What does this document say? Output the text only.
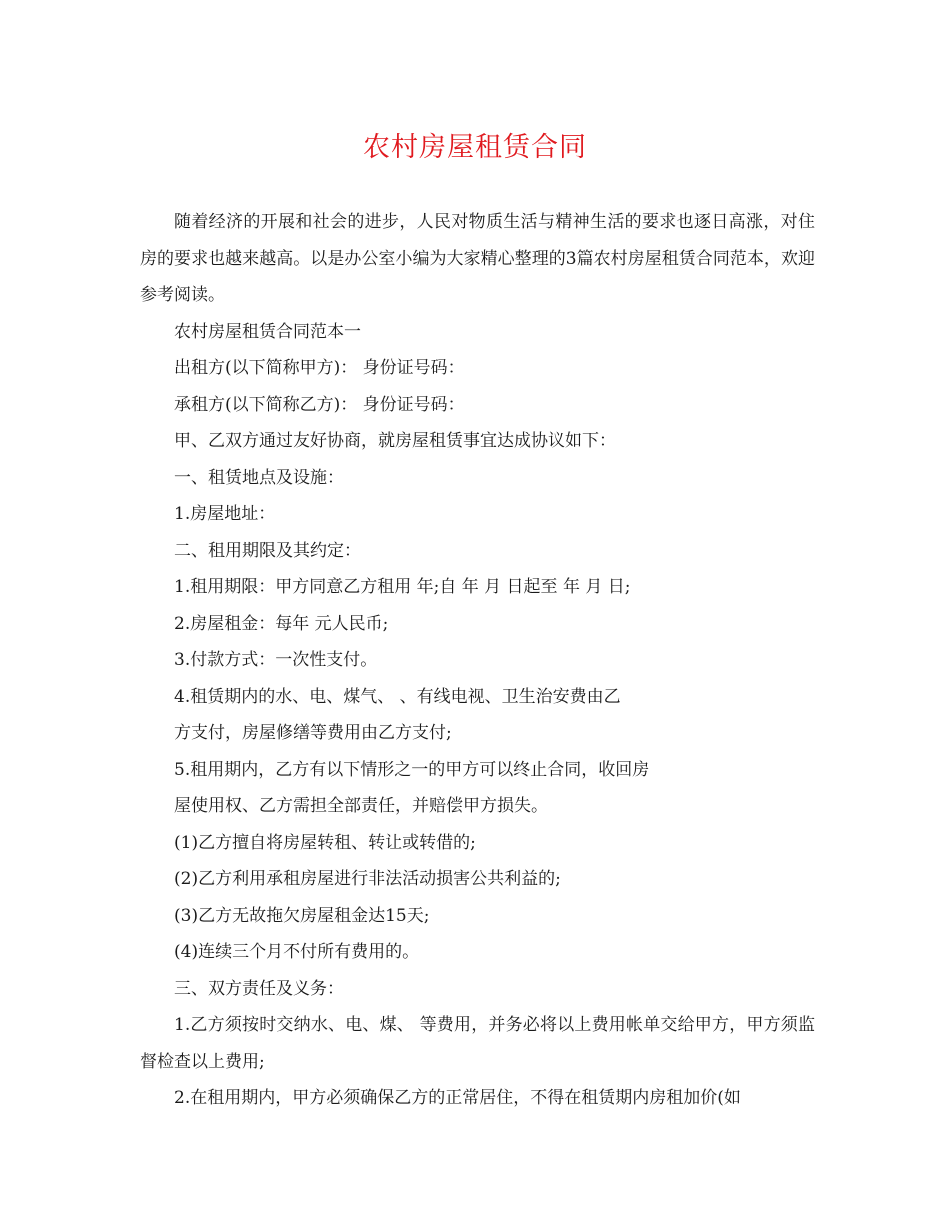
农村房屋租赁合同

随着经济的开展和社会的进步，人民对物质生活与精神生活的要求也逐日高涨，对住房的要求也越来越高。以是办公室小编为大家精心整理的3篇农村房屋租赁合同范本，欢迎参考阅读。

农村房屋租赁合同范本一

出租方(以下简称甲方)： 身份证号码：

承租方(以下简称乙方)： 身份证号码：

甲、乙双方通过友好协商，就房屋租赁事宜达成协议如下：

一、租赁地点及设施：

1.房屋地址：

二、租用期限及其约定：

1.租用期限：甲方同意乙方租用 年;自 年 月 日起至 年 月 日;

2.房屋租金：每年 元人民币;

3.付款方式：一次性支付。

4.租赁期内的水、电、煤气、 、有线电视、卫生治安费由乙

方支付，房屋修缮等费用由乙方支付;

5.租用期内，乙方有以下情形之一的甲方可以终止合同，收回房

屋使用权、乙方需担全部责任，并赔偿甲方损失。

(1)乙方擅自将房屋转租、转让或转借的;

(2)乙方利用承租房屋进行非法活动损害公共利益的;

(3)乙方无故拖欠房屋租金达15天;

(4)连续三个月不付所有费用的。

三、双方责任及义务：

1.乙方须按时交纳水、电、煤、 等费用，并务必将以上费用帐单交给甲方，甲方须监督检查以上费用;

2.在租用期内，甲方必须确保乙方的正常居住，不得在租赁期内房租加价(如
